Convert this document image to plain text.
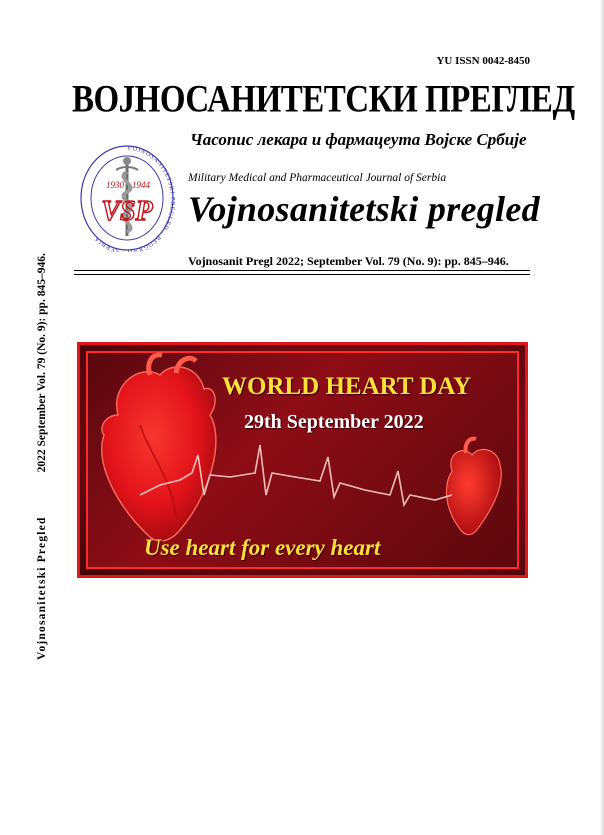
YU ISSN 0042-8450
ВОЈНОСАНИТЕТСКИ ПРЕГЛЕД
Часопис лекара и фармацеута Војске Србије
VOJNOSANITETSKI PREGLED · BEOGRAD · SERBIA
1930 1944
VSP
Military Medical and Pharmaceutical Journal of Serbia
Vojnosanitetski pregled
Vojnosanit Pregl 2022; September Vol. 79 (No. 9): pp. 845–946.
Vojnosanitetski Pregled2022 September Vol. 79 (No. 9): pp. 845–946.	WORLD HEART DAY
29th September 2022
Use heart for every heart
